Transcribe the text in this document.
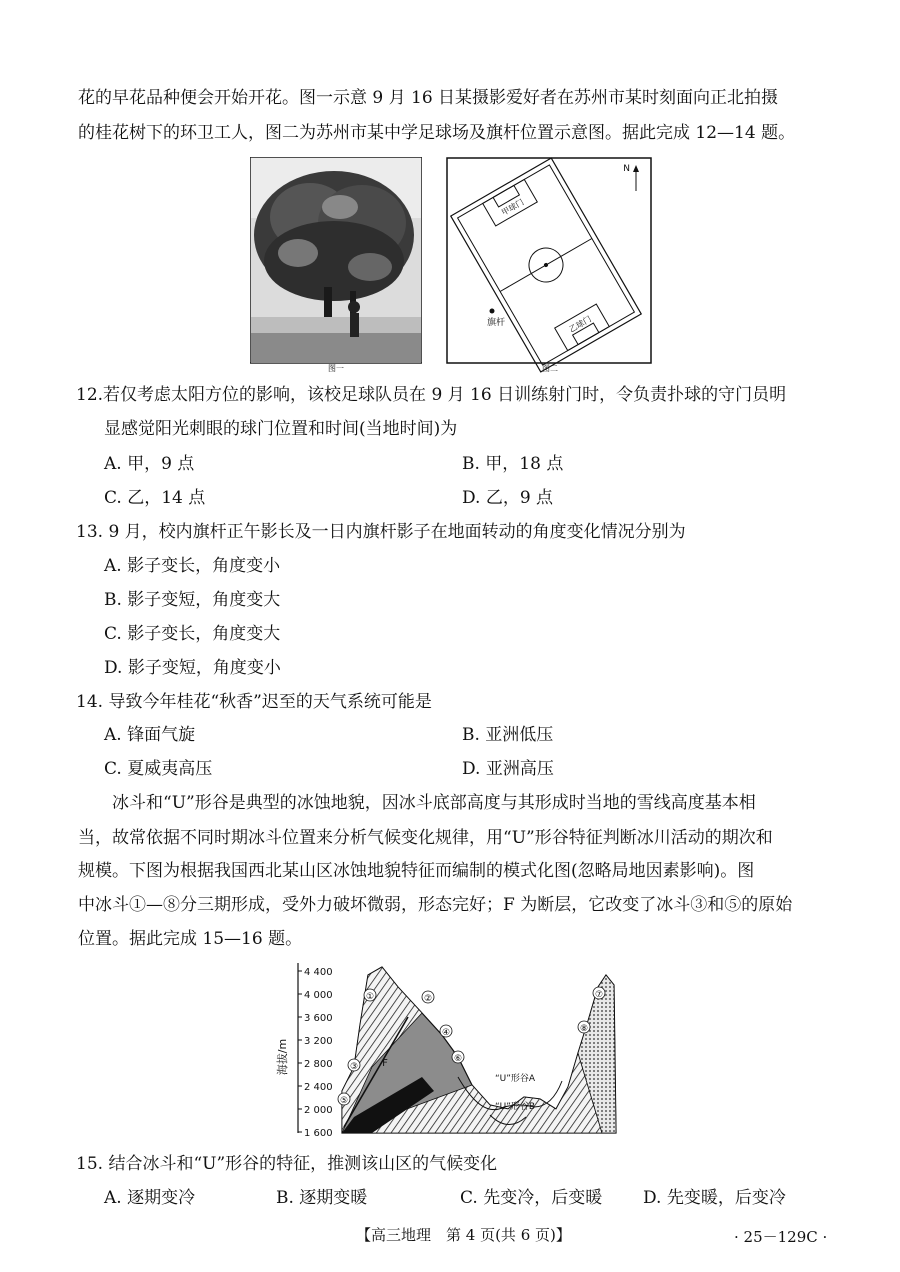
花的早花品种便会开始开花。图一示意 9 月 16 日某摄影爱好者在苏州市某时刻面向正北拍摄
的桂花树下的环卫工人，图二为苏州市某中学足球场及旗杆位置示意图。据此完成 12—14 题。
图一
N
甲球门
乙球门
旗杆
图二
12.若仅考虑太阳方位的影响，该校足球队员在 9 月 16 日训练射门时，令负责扑球的守门员明
显感觉阳光刺眼的球门位置和时间(当地时间)为
A. 甲，9 点	B. 甲，18 点
C. 乙，14 点	D. 乙，9 点
13. 9 月，校内旗杆正午影长及一日内旗杆影子在地面转动的角度变化情况分别为
A. 影子变长，角度变小
B. 影子变短，角度变大
C. 影子变长，角度变大
D. 影子变短，角度变小
14. 导致今年桂花“秋香”迟至的天气系统可能是
A. 锋面气旋	B. 亚洲低压
C. 夏威夷高压	D. 亚洲高压
冰斗和“U”形谷是典型的冰蚀地貌，因冰斗底部高度与其形成时当地的雪线高度基本相
当，故常依据不同时期冰斗位置来分析气候变化规律，用“U”形谷特征判断冰川活动的期次和
规模。下图为根据我国西北某山区冰蚀地貌特征而编制的模式化图(忽略局地因素影响)。图
中冰斗①—⑧分三期形成，受外力破坏微弱，形态完好；F 为断层，它改变了冰斗③和⑤的原始
位置。据此完成 15—16 题。
海拔/m
4 400
4 000
3 600
3 200
2 800
2 400
2 000
1 600
①	②
③
④
⑤
⑥
⑦
⑧
F
“U”形谷A
“U”形谷B
15. 结合冰斗和“U”形谷的特征，推测该山区的气候变化
A. 逐期变冷	B. 逐期变暖	C. 先变冷，后变暖 D. 先变暖，后变冷
【高三地理　第 4 页(共 6 页)】	· 25－129C ·
